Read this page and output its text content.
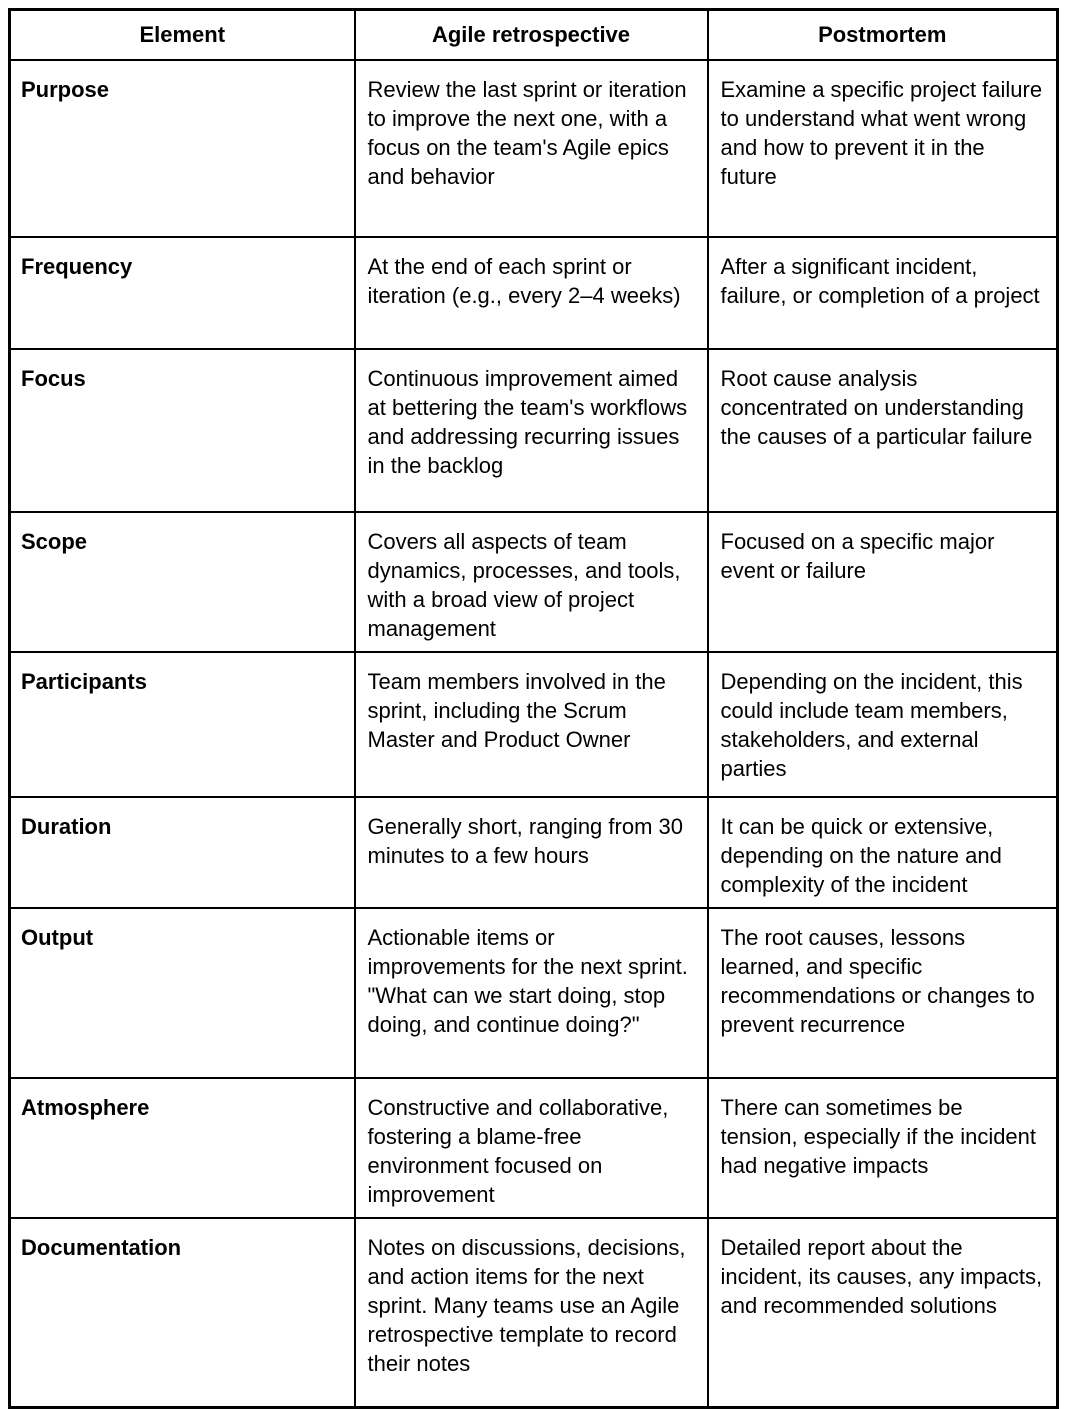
Element	Agile retrospective	Postmortem
Purpose	Review the last sprint or iteration to improve the next one, with a focus on the team's Agile epics and behavior	Examine a specific project failure to understand what went wrong and how to prevent it in the future
Frequency	At the end of each sprint or iteration (e.g., every 2–4 weeks)	After a significant incident, failure, or completion of a project
Focus	Continuous improvement aimed at bettering the team's workflows and addressing recurring issues in the backlog	Root cause analysis concentrated on understanding the causes of a particular failure
Scope	Covers all aspects of team dynamics, processes, and tools, with a broad view of project management	Focused on a specific major event or failure
Participants	Team members involved in the sprint, including the Scrum Master and Product Owner	Depending on the incident, this could include team members, stakeholders, and external parties
Duration	Generally short, ranging from 30 minutes to a few hours	It can be quick or extensive, depending on the nature and complexity of the incident
Output	Actionable items or improvements for the next sprint. "What can we start doing, stop doing, and continue doing?"	The root causes, lessons learned, and specific recommendations or changes to prevent recurrence
Atmosphere	Constructive and collaborative, fostering a blame-free environment focused on improvement	There can sometimes be tension, especially if the incident had negative impacts
Documentation	Notes on discussions, decisions, and action items for the next sprint. Many teams use an Agile retrospective template to record their notes	Detailed report about the incident, its causes, any impacts, and recommended solutions
